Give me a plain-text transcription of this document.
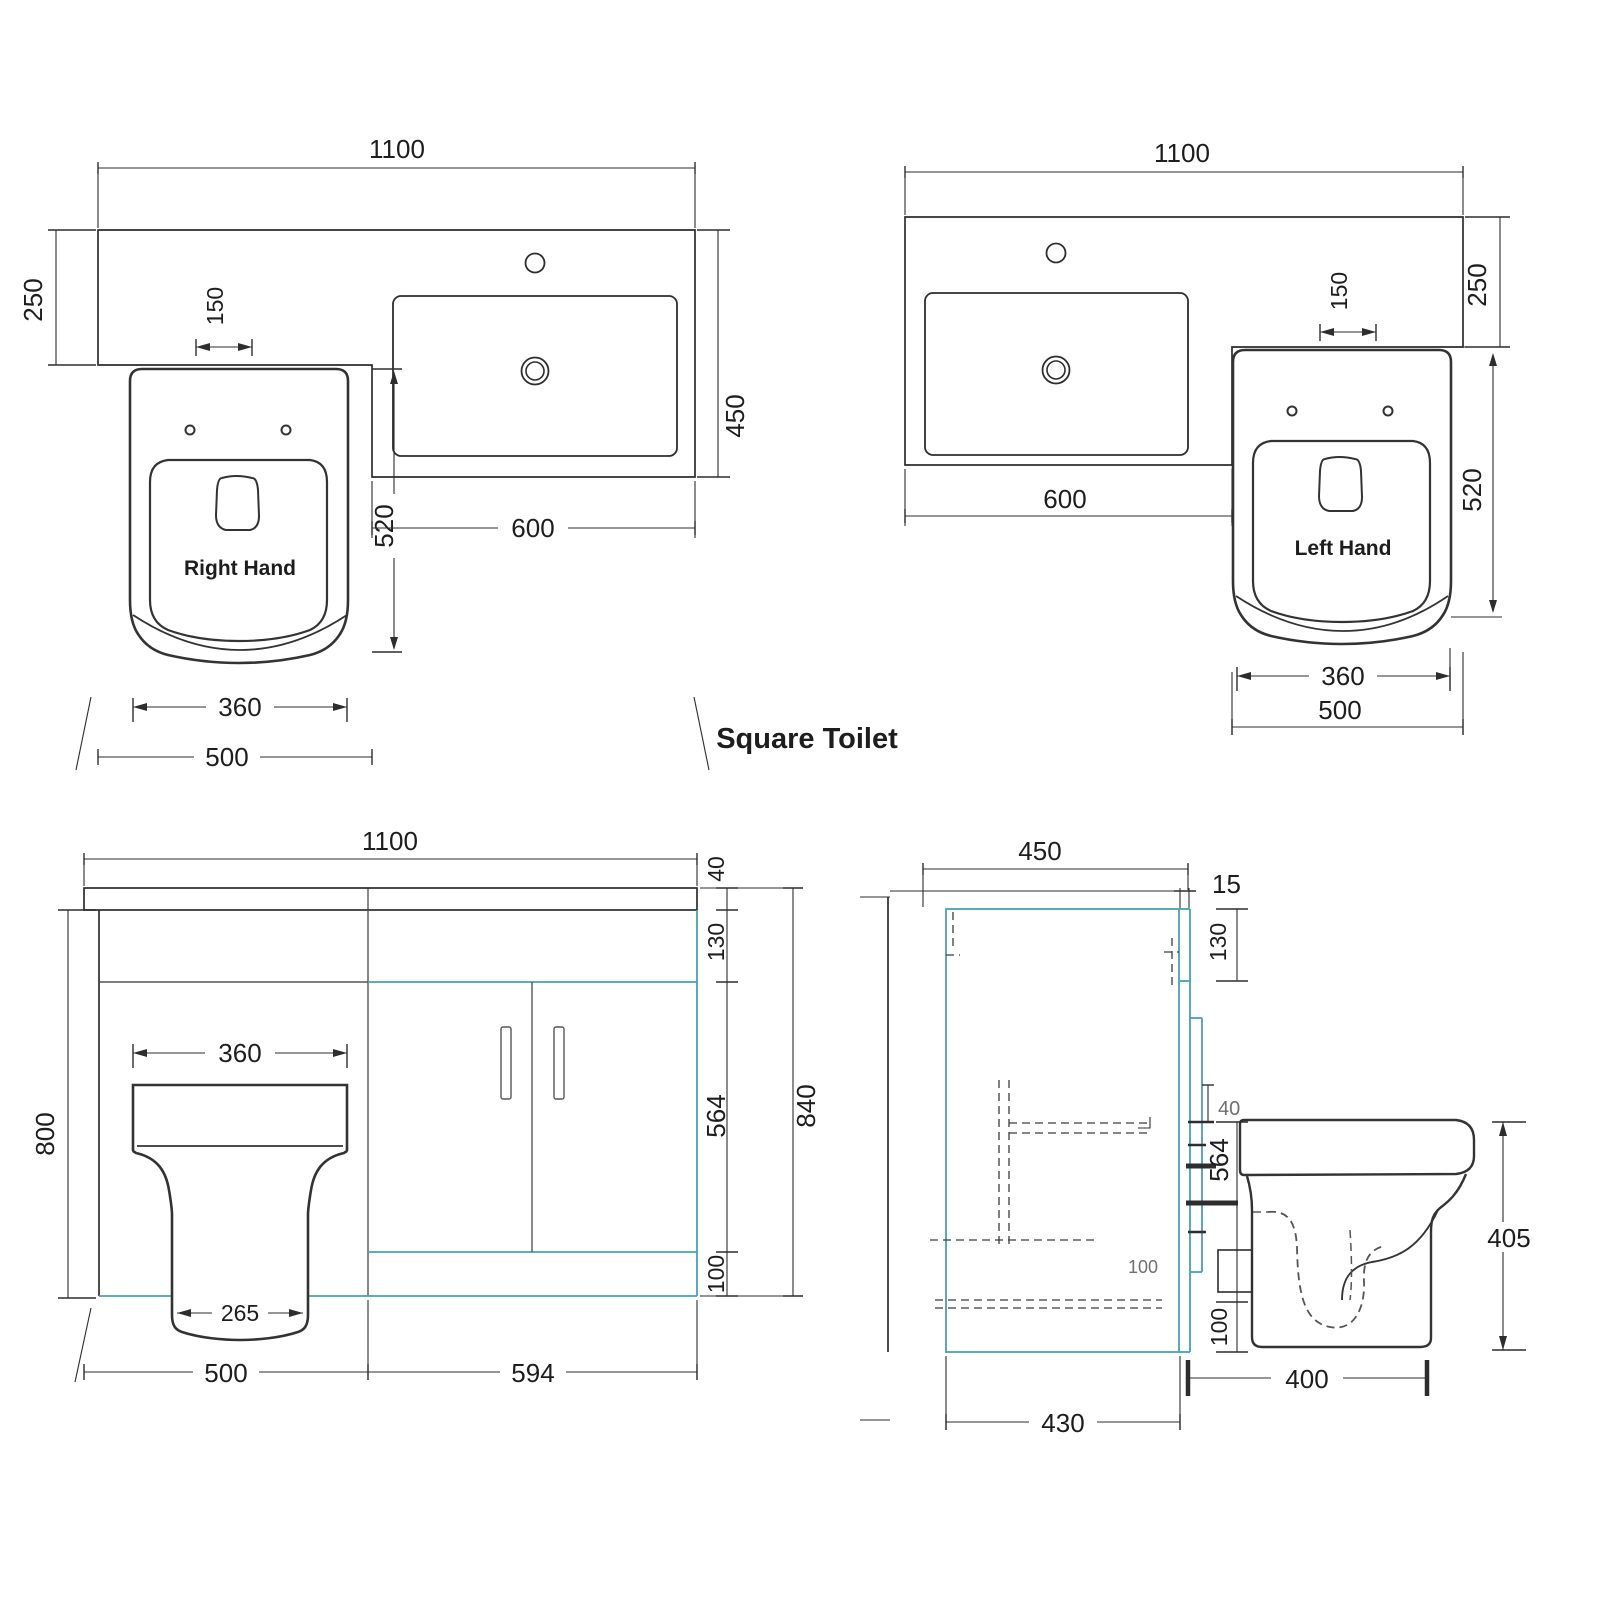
Right Hand
1100
250	150
450
520	600
360
500
Left Hand
1100
250
150
600	520
360
500
Square Toilet
1100
40
130
564
100
840
800
360
265
500	594
450
15
130
40
564
100
100
405
400
430
